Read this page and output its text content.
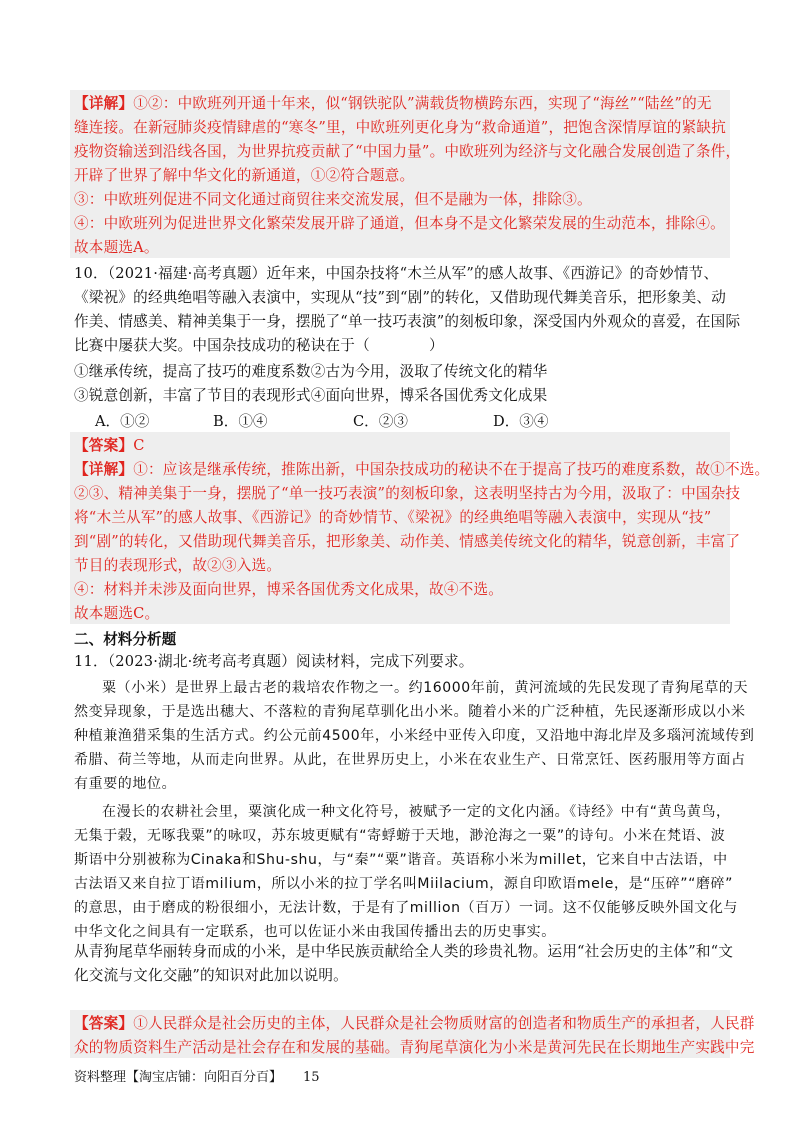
【详解】①②：中欧班列开通十年来，似“钢铁驼队”满载货物横跨东西，实现了“海丝”“陆丝”的无
缝连接。在新冠肺炎疫情肆虐的“寒冬”里，中欧班列更化身为“救命通道”，把饱含深情厚谊的紧缺抗
疫物资输送到沿线各国，为世界抗疫贡献了“中国力量”。中欧班列为经济与文化融合发展创造了条件，
开辟了世界了解中华文化的新通道，①②符合题意。
③：中欧班列促进不同文化通过商贸往来交流发展，但不是融为一体，排除③。
④：中欧班列为促进世界文化繁荣发展开辟了通道，但本身不是文化繁荣发展的生动范本，排除④。
故本题选A。
10．（2021·福建·高考真题）近年来，中国杂技将“木兰从军”的感人故事、《西游记》的奇妙情节、
《梁祝》的经典绝唱等融入表演中，实现从“技”到“剧”的转化，又借助现代舞美音乐，把形象美、动
作美、情感美、精神美集于一身，摆脱了“单一技巧表演”的刻板印象，深受国内外观众的喜爱，在国际
比赛中屡获大奖。中国杂技成功的秘诀在于（　　　　）
①继承传统，提高了技巧的难度系数②古为今用，汲取了传统文化的精华
③锐意创新，丰富了节目的表现形式④面向世界，博采各国优秀文化成果
A．①②	B．①④	C．②③	D．③④
【答案】C
【详解】①：应该是继承传统，推陈出新，中国杂技成功的秘诀不在于提高了技巧的难度系数，故①不选。
②③、精神美集于一身，摆脱了“单一技巧表演”的刻板印象，这表明坚持古为今用，汲取了：中国杂技
将“木兰从军”的感人故事、《西游记》的奇妙情节、《梁祝》的经典绝唱等融入表演中，实现从“技”
到“剧”的转化，又借助现代舞美音乐，把形象美、动作美、情感美传统文化的精华，锐意创新，丰富了
节目的表现形式，故②③入选。
④：材料并未涉及面向世界，博采各国优秀文化成果，故④不选。
故本题选C。
二、材料分析题
11．（2023·湖北·统考高考真题）阅读材料，完成下列要求。
粟（小米）是世界上最古老的栽培农作物之一。约16000年前，黄河流域的先民发现了青狗尾草的天
然变异现象，于是选出穗大、不落粒的青狗尾草驯化出小米。随着小米的广泛种植，先民逐渐形成以小米
种植兼渔猎采集的生活方式。约公元前4500年，小米经中亚传入印度，又沿地中海北岸及多瑙河流域传到
希腊、荷兰等地，从而走向世界。从此，在世界历史上，小米在农业生产、日常烹饪、医药服用等方面占
有重要的地位。
在漫长的农耕社会里，粟演化成一种文化符号，被赋予一定的文化内涵。《诗经》中有“黄鸟黄鸟，
无集于榖，无啄我粟”的咏叹，苏东坡更赋有“寄蜉蝣于天地，渺沧海之一粟”的诗句。小米在梵语、波
斯语中分别被称为Cinaka和Shu-shu，与“秦”“粟”谐音。英语称小米为millet，它来自中古法语，中
古法语又来自拉丁语milium，所以小米的拉丁学名叫Miilacium，源自印欧语mele，是“压碎”“磨碎”
的意思，由于磨成的粉很细小，无法计数，于是有了million（百万）一词。这不仅能够反映外国文化与
中华文化之间具有一定联系，也可以佐证小米由我国传播出去的历史事实。
从青狗尾草华丽转身而成的小米，是中华民族贡献给全人类的珍贵礼物。运用“社会历史的主体”和“文
化交流与文化交融”的知识对此加以说明。
【答案】①人民群众是社会历史的主体，人民群众是社会物质财富的创造者和物质生产的承担者，人民群
众的物质资料生产活动是社会存在和发展的基础。青狗尾草演化为小米是黄河先民在长期地生产实践中完
资料整理【淘宝店铺：向阳百分百】 15
